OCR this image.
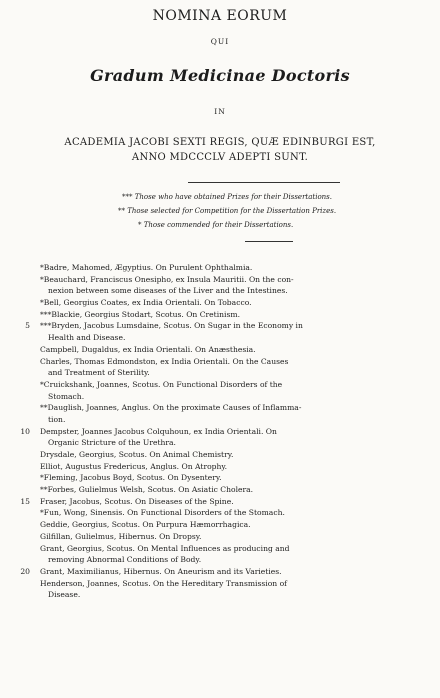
NOMINA EORUM
QUI
Gradum Medicinae Doctoris
IN
ACADEMIA JACOBI SEXTI REGIS, QUÆ EDINBURGI EST,
ANNO MDCCCLV ADEPTI SUNT.
*** Those who have obtained Prizes for their Dissertations.
** Those selected for Competition for the Dissertation Prizes.
* Those commended for their Dissertations.
*Badre, Mahomed, Ægyptius. On Purulent Ophthalmia.
*Beauchard, Franciscus Onesipho, ex Insula Mauritii. On the con-
nexion between some diseases of the Liver and the Intestines.
*Bell, Georgius Coates, ex India Orientali. On Tobacco.
***Blackie, Georgius Stodart, Scotus. On Cretinism.
5 ***Bryden, Jacobus Lumsdaine, Scotus. On Sugar in the Economy in
Health and Disease.
Campbell, Dugaldus, ex India Orientali. On Anæsthesia.
Charles, Thomas Edmondston, ex India Orientali. On the Causes
and Treatment of Sterility.
*Cruickshank, Joannes, Scotus. On Functional Disorders of the
Stomach.
**Dauglish, Joannes, Anglus. On the proximate Causes of Inflamma-
tion.
10 Dempster, Joannes Jacobus Colquhoun, ex India Orientali. On
Organic Stricture of the Urethra.
Drysdale, Georgius, Scotus. On Animal Chemistry.
Elliot, Augustus Fredericus, Anglus. On Atrophy.
*Fleming, Jacobus Boyd, Scotus. On Dysentery.
**Forbes, Gulielmus Welsh, Scotus. On Asiatic Cholera.
15 Fraser, Jacobus, Scotus. On Diseases of the Spine.
*Fun, Wong, Sinensis. On Functional Disorders of the Stomach.
Geddie, Georgius, Scotus. On Purpura Hæmorrhagica.
Gilfillan, Gulielmus, Hibernus. On Dropsy.
Grant, Georgius, Scotus. On Mental Influences as producing and
removing Abnormal Conditions of Body.
20 Grant, Maximilianus, Hibernus. On Aneurism and its Varieties.
Henderson, Joannes, Scotus. On the Hereditary Transmission of
Disease.
